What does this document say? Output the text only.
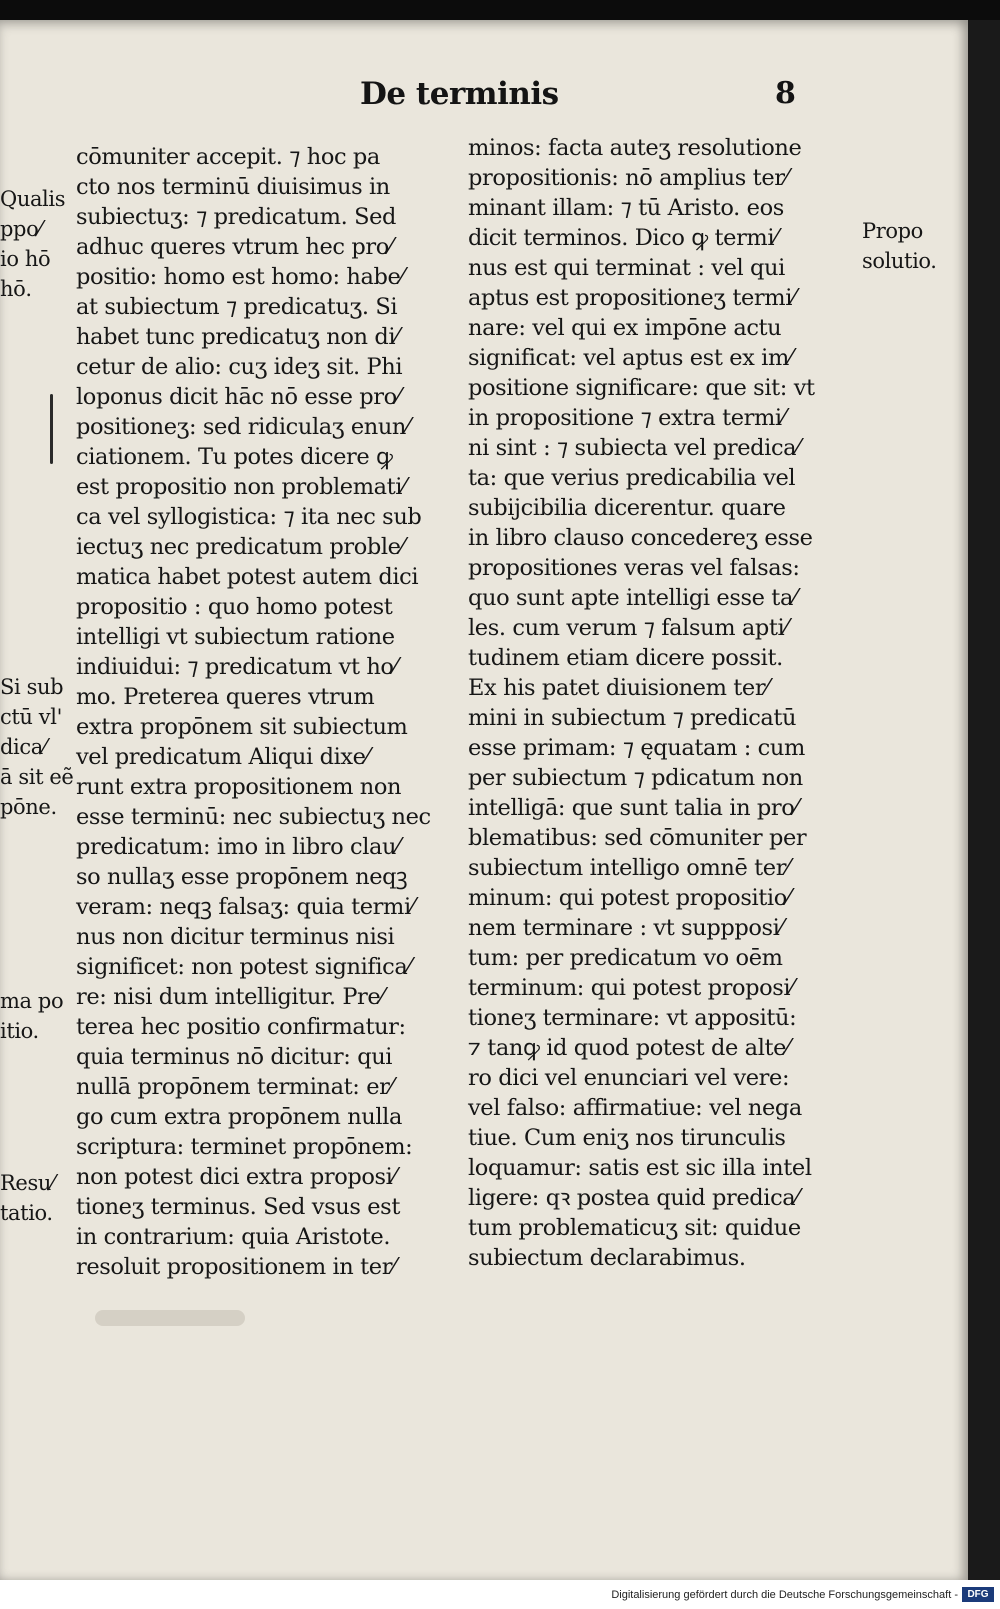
De terminis	8
cōmuniter accepit. ⁊ hoc pa
cto nos terminū diuisimus in
subiectuʒ: ⁊ predicatum. Sed
adhuc queres vtrum hec pro⁄
positio: homo est homo: habe⁄
at subiectum ⁊ predicatuʒ. Si
habet tunc predicatuʒ non di⁄
cetur de alio: cuʒ ideʒ sit. Phi
loponus dicit hāc nō esse pro⁄
positioneʒ: sed ridiculaʒ enun⁄
ciationem. Tu potes dicere ꝙ
est propositio non problemati⁄
ca vel syllogistica: ⁊ ita nec sub
iectuʒ nec predicatum proble⁄
matica habet potest autem dici
propositio : quo homo potest
intelligi vt subiectum ratione
indiuidui: ⁊ predicatum vt ho⁄
mo. Preterea queres vtrum
extra propōnem sit subiectum
vel predicatum Aliqui dixe⁄
runt extra propositionem non
esse terminū: nec subiectuʒ nec
predicatum: imo in libro clau⁄
so nullaʒ esse propōnem neqꝫ
veram: neqꝫ falsaʒ: quia termi⁄
nus non dicitur terminus nisi
significet: non potest significa⁄
re: nisi dum intelligitur. Pre⁄
terea hec positio confirmatur:
quia terminus nō dicitur: qui
nullā propōnem terminat: er⁄
go cum extra propōnem nulla
scriptura: terminet propōnem:
non potest dici extra proposi⁄
tioneʒ terminus. Sed vsus est
in contrarium: quia Aristote.
resoluit propositionem in ter⁄
minos: facta auteʒ resolutione
propositionis: nō amplius ter⁄
minant illam: ⁊ tū Aristo. eos
dicit terminos. Dico ꝙ termi⁄
nus est qui terminat : vel qui
aptus est propositioneʒ termi⁄
nare: vel qui ex impōne actu
significat: vel aptus est ex im⁄
positione significare: que sit: vt
in propositione ⁊ extra termi⁄
ni sint : ⁊ subiecta vel predica⁄
ta: que verius predicabilia vel
subijcibilia dicerentur. quare
in libro clauso concedereʒ esse
propositiones veras vel falsas:
quo sunt apte intelligi esse ta⁄
les. cum verum ⁊ falsum apti⁄
tudinem etiam dicere possit.
Ex his patet diuisionem ter⁄
mini in subiectum ⁊ predicatū
esse primam: ⁊ ęquatam : cum
per subiectum ⁊ pdicatum non
intelligā: que sunt talia in pro⁄
blematibus: sed cōmuniter per
subiectum intelligo omnē ter⁄
minum: qui potest propositio⁄
nem terminare : vt suppposi⁄
tum: per predicatum vo oēm
terminum: qui potest proposi⁄
tioneʒ terminare: vt appositū:
⁊ tanꝙ id quod potest de alte⁄
ro dici vel enunciari vel vere:
vel falso: affirmatiue: vel nega
tiue. Cum eniʒ nos tirunculis
loquamur: satis est sic illa intel
ligere: qꝛ postea quid predica⁄
tum problematicuʒ sit: quidue
subiectum declarabimus.
Qualis
ppo⁄
io hō
hō.
Si sub
ctū vl'
dica⁄
ā sit eẽ
pōne.
ma po
itio.
Resu⁄
tatio.
Propo
solutio.
Digitalisierung gefördert durch die Deutsche Forschungsgemeinschaft - DFG
